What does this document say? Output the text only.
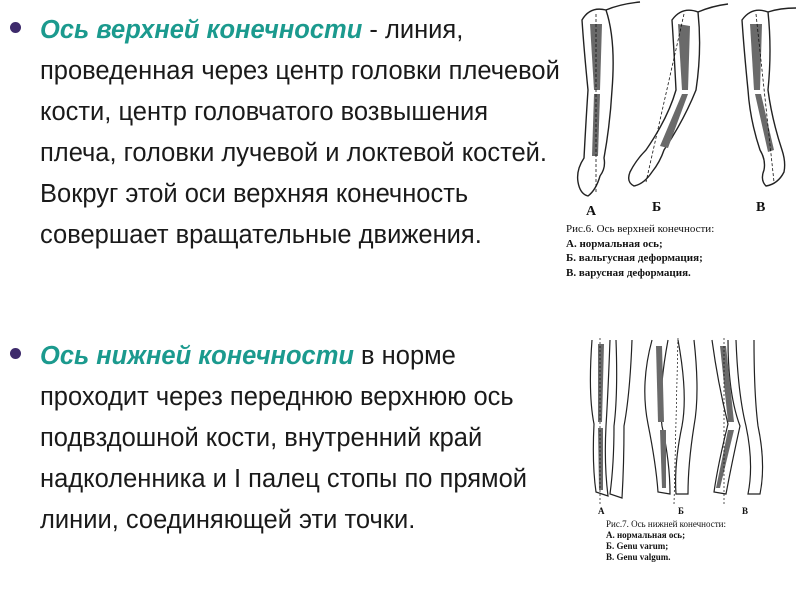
Ось верхней конечности - линия, проведенная через центр головки плечевой кости, центр головчатого возвышения плеча, головки лучевой и локтевой костей. Вокруг этой оси верхняя конечность совершает вращательные движения.
Ось нижней конечности в норме проходит через переднюю верхнюю ось подвздошной кости, внутренний край надколенника и I палец стопы по прямой линии, соединяющей эти точки.
А	Б	В
Рис.6. Ось верхней конечности:
А. нормальная ось;
Б. вальгусная деформация;
В. варусная деформация.
А	Б	В
Рис.7. Ось нижней конечности:
А. нормальная ось;
Б. Genu varum;
В. Genu valgum.
